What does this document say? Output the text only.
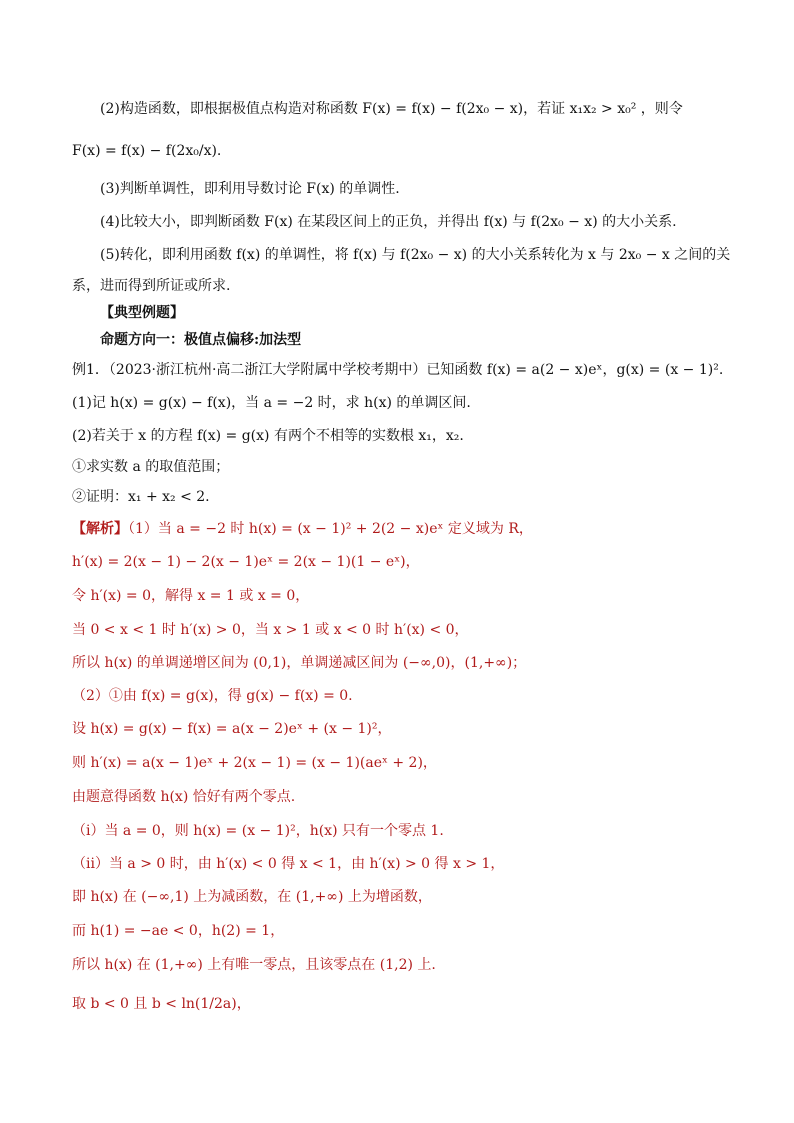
(2)构造函数，即根据极值点构造对称函数 F(x) = f(x) − f(2x₀ − x)，若证 x₁x₂ > x₀² ，则令
F(x) = f(x) − f(2x₀/x).
(3)判断单调性，即利用导数讨论 F(x) 的单调性.
(4)比较大小，即判断函数 F(x) 在某段区间上的正负，并得出 f(x) 与 f(2x₀ − x) 的大小关系.
(5)转化，即利用函数 f(x) 的单调性，将 f(x) 与 f(2x₀ − x) 的大小关系转化为 x 与 2x₀ − x 之间的关
系，进而得到所证或所求.
【典型例题】
命题方向一：极值点偏移:加法型
例1．（2023·浙江杭州·高二浙江大学附属中学校考期中）已知函数 f(x) = a(2 − x)eˣ，g(x) = (x − 1)².
(1)记 h(x) = g(x) − f(x)，当 a = −2 时，求 h(x) 的单调区间.
(2)若关于 x 的方程 f(x) = g(x) 有两个不相等的实数根 x₁，x₂.
①求实数 a 的取值范围；
②证明：x₁ + x₂ < 2.
【解析】（1）当 a = −2 时 h(x) = (x − 1)² + 2(2 − x)eˣ 定义域为 R，
h′(x) = 2(x − 1) − 2(x − 1)eˣ = 2(x − 1)(1 − eˣ)，
令 h′(x) = 0，解得 x = 1 或 x = 0，
当 0 < x < 1 时 h′(x) > 0，当 x > 1 或 x < 0 时 h′(x) < 0，
所以 h(x) 的单调递增区间为 (0,1)，单调递减区间为 (−∞,0)，(1,+∞)；
（2）①由 f(x) = g(x)，得 g(x) − f(x) = 0.
设 h(x) = g(x) − f(x) = a(x − 2)eˣ + (x − 1)²，
则 h′(x) = a(x − 1)eˣ + 2(x − 1) = (x − 1)(aeˣ + 2)，
由题意得函数 h(x) 恰好有两个零点.
（i）当 a = 0，则 h(x) = (x − 1)²，h(x) 只有一个零点 1.
（ii）当 a > 0 时，由 h′(x) < 0 得 x < 1，由 h′(x) > 0 得 x > 1，
即 h(x) 在 (−∞,1) 上为减函数，在 (1,+∞) 上为增函数，
而 h(1) = −ae < 0，h(2) = 1，
所以 h(x) 在 (1,+∞) 上有唯一零点，且该零点在 (1,2) 上.
取 b < 0 且 b < ln(1/2a)，
